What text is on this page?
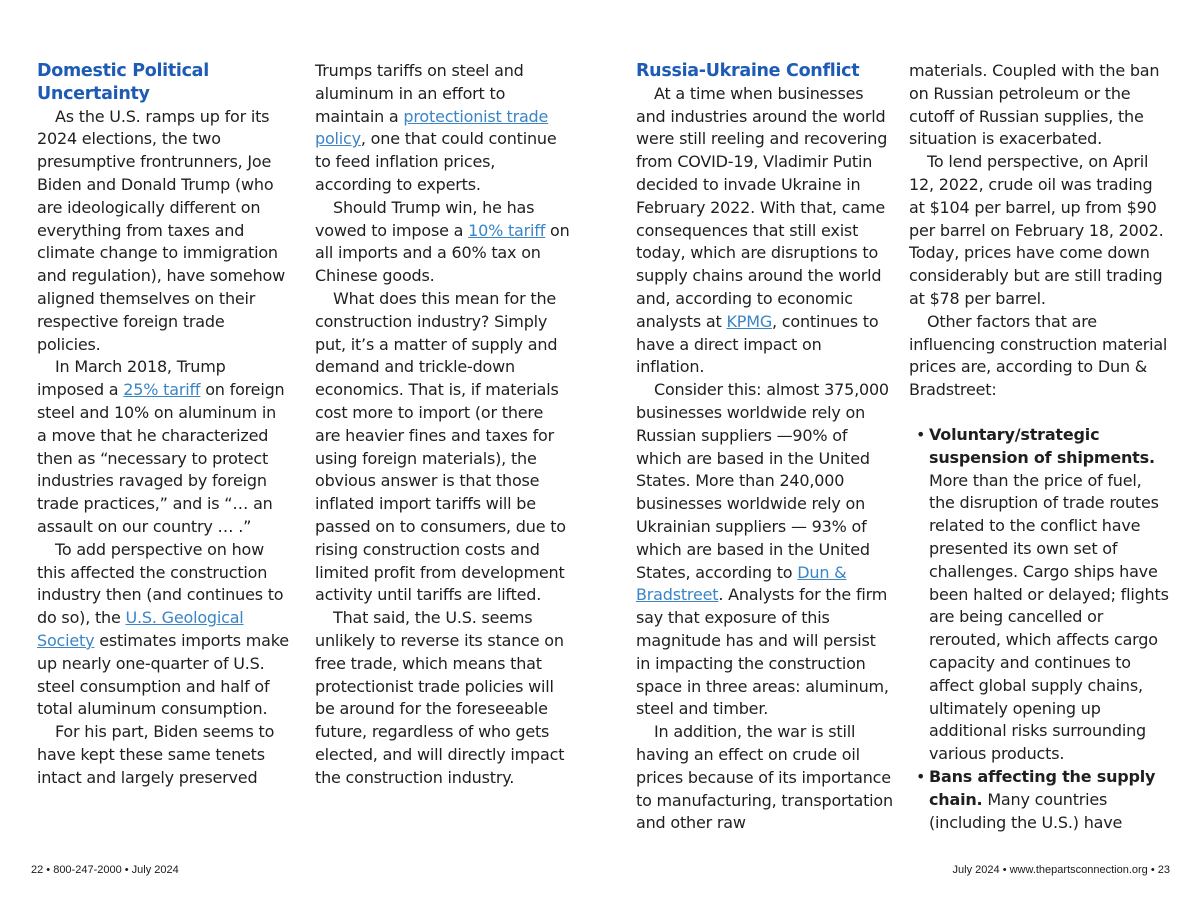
Domestic Political Uncertainty

As the U.S. ramps up for its 2024 elections, the two presumptive frontrunners, Joe Biden and Donald Trump (who are ideologically different on everything from taxes and climate change to immigration and regulation), have somehow aligned themselves on their respective foreign trade policies.

In March 2018, Trump imposed a 25% tariff on foreign steel and 10% on aluminum in a move that he characterized then as “necessary to protect industries ravaged by foreign trade practices,” and is “… an assault on our country … .”

To add perspective on how this affected the construction industry then (and continues to do so), the U.S. Geological Society estimates imports make up nearly one-quarter of U.S. steel consumption and half of total aluminum consumption.

For his part, Biden seems to have kept these same tenets intact and largely preserved

Trumps tariffs on steel and aluminum in an effort to maintain a protectionist trade policy, one that could continue to feed inflation prices, according to experts.

Should Trump win, he has vowed to impose a 10% tariff on all imports and a 60% tax on Chinese goods.

What does this mean for the construction industry? Simply put, it’s a matter of supply and demand and trickle-down economics. That is, if materials cost more to import (or there are heavier fines and taxes for using foreign materials), the obvious answer is that those inflated import tariffs will be passed on to consumers, due to rising construction costs and limited profit from development activity until tariffs are lifted.

That said, the U.S. seems unlikely to reverse its stance on free trade, which means that protectionist trade policies will be around for the foreseeable future, regardless of who gets elected, and will directly impact the construction industry.

Russia-Ukraine Conflict

At a time when businesses and industries around the world were still reeling and recovering from COVID-19, Vladimir Putin decided to invade Ukraine in February 2022. With that, came consequences that still exist today, which are disruptions to supply chains around the world and, according to economic analysts at KPMG, continues to have a direct impact on inflation.

Consider this: almost 375,000 businesses worldwide rely on Russian suppliers —90% of which are based in the United States. More than 240,000 businesses worldwide rely on Ukrainian suppliers — 93% of which are based in the United States, according to Dun & Bradstreet. Analysts for the firm say that exposure of this magnitude has and will persist in impacting the construction space in three areas: aluminum, steel and timber.

In addition, the war is still having an effect on crude oil prices because of its importance to manufacturing, transportation and other raw

materials. Coupled with the ban on Russian petroleum or the cutoff of Russian supplies, the situation is exacerbated.

To lend perspective, on April 12, 2022, crude oil was trading at $104 per barrel, up from $90 per barrel on February 18, 2002. Today, prices have come down considerably but are still trading at $78 per barrel.

Other factors that are influencing construction material prices are, according to Dun & Bradstreet:

• Voluntary/strategic suspension of shipments. More than the price of fuel, the disruption of trade routes related to the conflict have presented its own set of challenges. Cargo ships have been halted or delayed; flights are being cancelled or rerouted, which affects cargo capacity and continues to affect global supply chains, ultimately opening up additional risks surrounding various products.
• Bans affecting the supply chain. Many countries (including the U.S.) have
22 • 800-247-2000 • July 2024	July 2024 • www.thepartsconnection.org • 23
